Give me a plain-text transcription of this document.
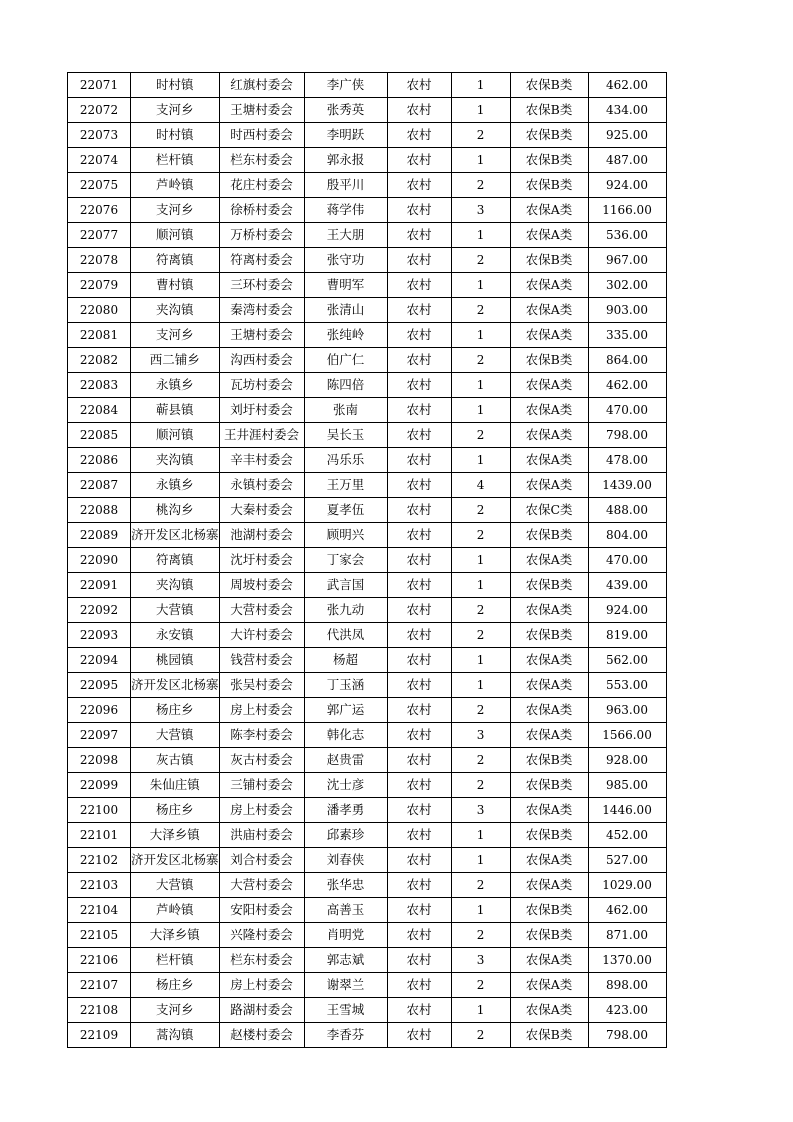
22071	时村镇	红旗村委会	李广侠	农村	1	农保B类	462.00
22072	支河乡	王塘村委会	张秀英	农村	1	农保B类	434.00
22073	时村镇	时西村委会	李明跃	农村	2	农保B类	925.00
22074	栏杆镇	栏东村委会	郭永报	农村	1	农保B类	487.00
22075	芦岭镇	花庄村委会	殷平川	农村	2	农保B类	924.00
22076	支河乡	徐桥村委会	蒋学伟	农村	3	农保A类	1166.00
22077	顺河镇	万桥村委会	王大朋	农村	1	农保A类	536.00
22078	符离镇	符离村委会	张守功	农村	2	农保B类	967.00
22079	曹村镇	三环村委会	曹明军	农村	1	农保A类	302.00
22080	夹沟镇	秦湾村委会	张清山	农村	2	农保A类	903.00
22081	支河乡	王塘村委会	张纯岭	农村	1	农保A类	335.00
22082	西二铺乡	沟西村委会	伯广仁	农村	2	农保B类	864.00
22083	永镇乡	瓦坊村委会	陈四倍	农村	1	农保A类	462.00
22084	蕲县镇	刘圩村委会	张南	农村	1	农保A类	470.00
22085	顺河镇	王井涯村委会	吴长玉	农村	2	农保A类	798.00
22086	夹沟镇	辛丰村委会	冯乐乐	农村	1	农保A类	478.00
22087	永镇乡	永镇村委会	王万里	农村	4	农保A类	1439.00
22088	桃沟乡	大秦村委会	夏孝伍	农村	2	农保C类	488.00
22089	济开发区北杨寨	池湖村委会	顾明兴	农村	2	农保B类	804.00
22090	符离镇	沈圩村委会	丁家会	农村	1	农保A类	470.00
22091	夹沟镇	周坡村委会	武言国	农村	1	农保B类	439.00
22092	大营镇	大营村委会	张九动	农村	2	农保A类	924.00
22093	永安镇	大许村委会	代洪凤	农村	2	农保B类	819.00
22094	桃园镇	钱营村委会	杨超	农村	1	农保A类	562.00
22095	济开发区北杨寨	张吴村委会	丁玉涵	农村	1	农保A类	553.00
22096	杨庄乡	房上村委会	郭广运	农村	2	农保A类	963.00
22097	大营镇	陈李村委会	韩化志	农村	3	农保A类	1566.00
22098	灰古镇	灰古村委会	赵贵雷	农村	2	农保B类	928.00
22099	朱仙庄镇	三铺村委会	沈士彦	农村	2	农保B类	985.00
22100	杨庄乡	房上村委会	潘孝勇	农村	3	农保A类	1446.00
22101	大泽乡镇	洪庙村委会	邱素珍	农村	1	农保B类	452.00
22102	济开发区北杨寨	刘合村委会	刘春侠	农村	1	农保A类	527.00
22103	大营镇	大营村委会	张华忠	农村	2	农保A类	1029.00
22104	芦岭镇	安阳村委会	高善玉	农村	1	农保B类	462.00
22105	大泽乡镇	兴隆村委会	肖明党	农村	2	农保B类	871.00
22106	栏杆镇	栏东村委会	郭志斌	农村	3	农保A类	1370.00
22107	杨庄乡	房上村委会	谢翠兰	农村	2	农保A类	898.00
22108	支河乡	路湖村委会	王雪城	农村	1	农保A类	423.00
22109	蒿沟镇	赵楼村委会	李香芬	农村	2	农保B类	798.00
